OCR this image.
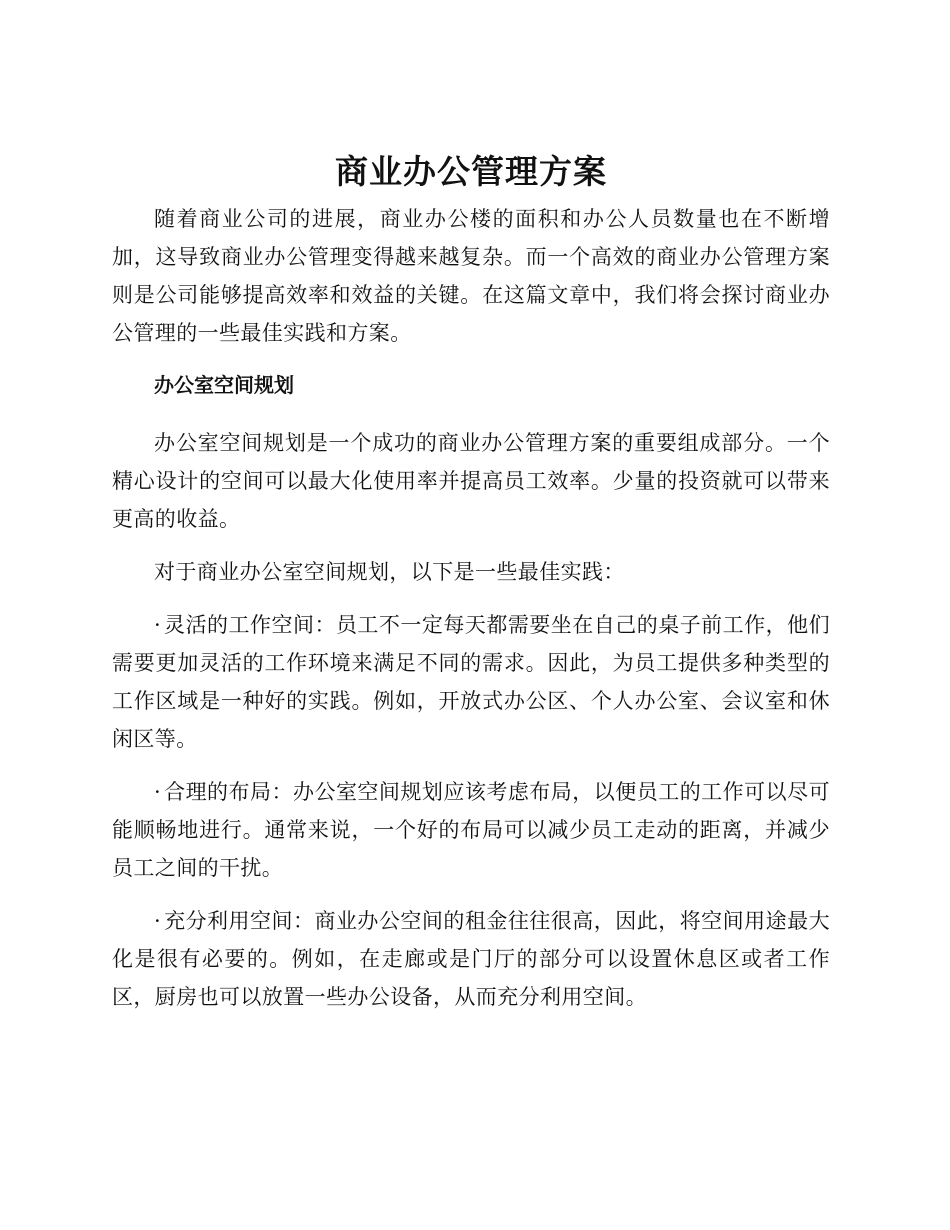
商业办公管理方案

随着商业公司的进展，商业办公楼的面积和办公人员数量也在不断增加，这导致商业办公管理变得越来越复杂。而一个高效的商业办公管理方案则是公司能够提高效率和效益的关键。在这篇文章中，我们将会探讨商业办公管理的一些最佳实践和方案。

办公室空间规划

办公室空间规划是一个成功的商业办公管理方案的重要组成部分。一个精心设计的空间可以最大化使用率并提高员工效率。少量的投资就可以带来更高的收益。

对于商业办公室空间规划，以下是一些最佳实践：

· 灵活的工作空间：员工不一定每天都需要坐在自己的桌子前工作，他们需要更加灵活的工作环境来满足不同的需求。因此，为员工提供多种类型的工作区域是一种好的实践。例如，开放式办公区、个人办公室、会议室和休闲区等。

· 合理的布局：办公室空间规划应该考虑布局，以便员工的工作可以尽可能顺畅地进行。通常来说，一个好的布局可以减少员工走动的距离，并减少员工之间的干扰。

· 充分利用空间：商业办公空间的租金往往很高，因此，将空间用途最大化是很有必要的。例如，在走廊或是门厅的部分可以设置休息区或者工作区，厨房也可以放置一些办公设备，从而充分利用空间。
